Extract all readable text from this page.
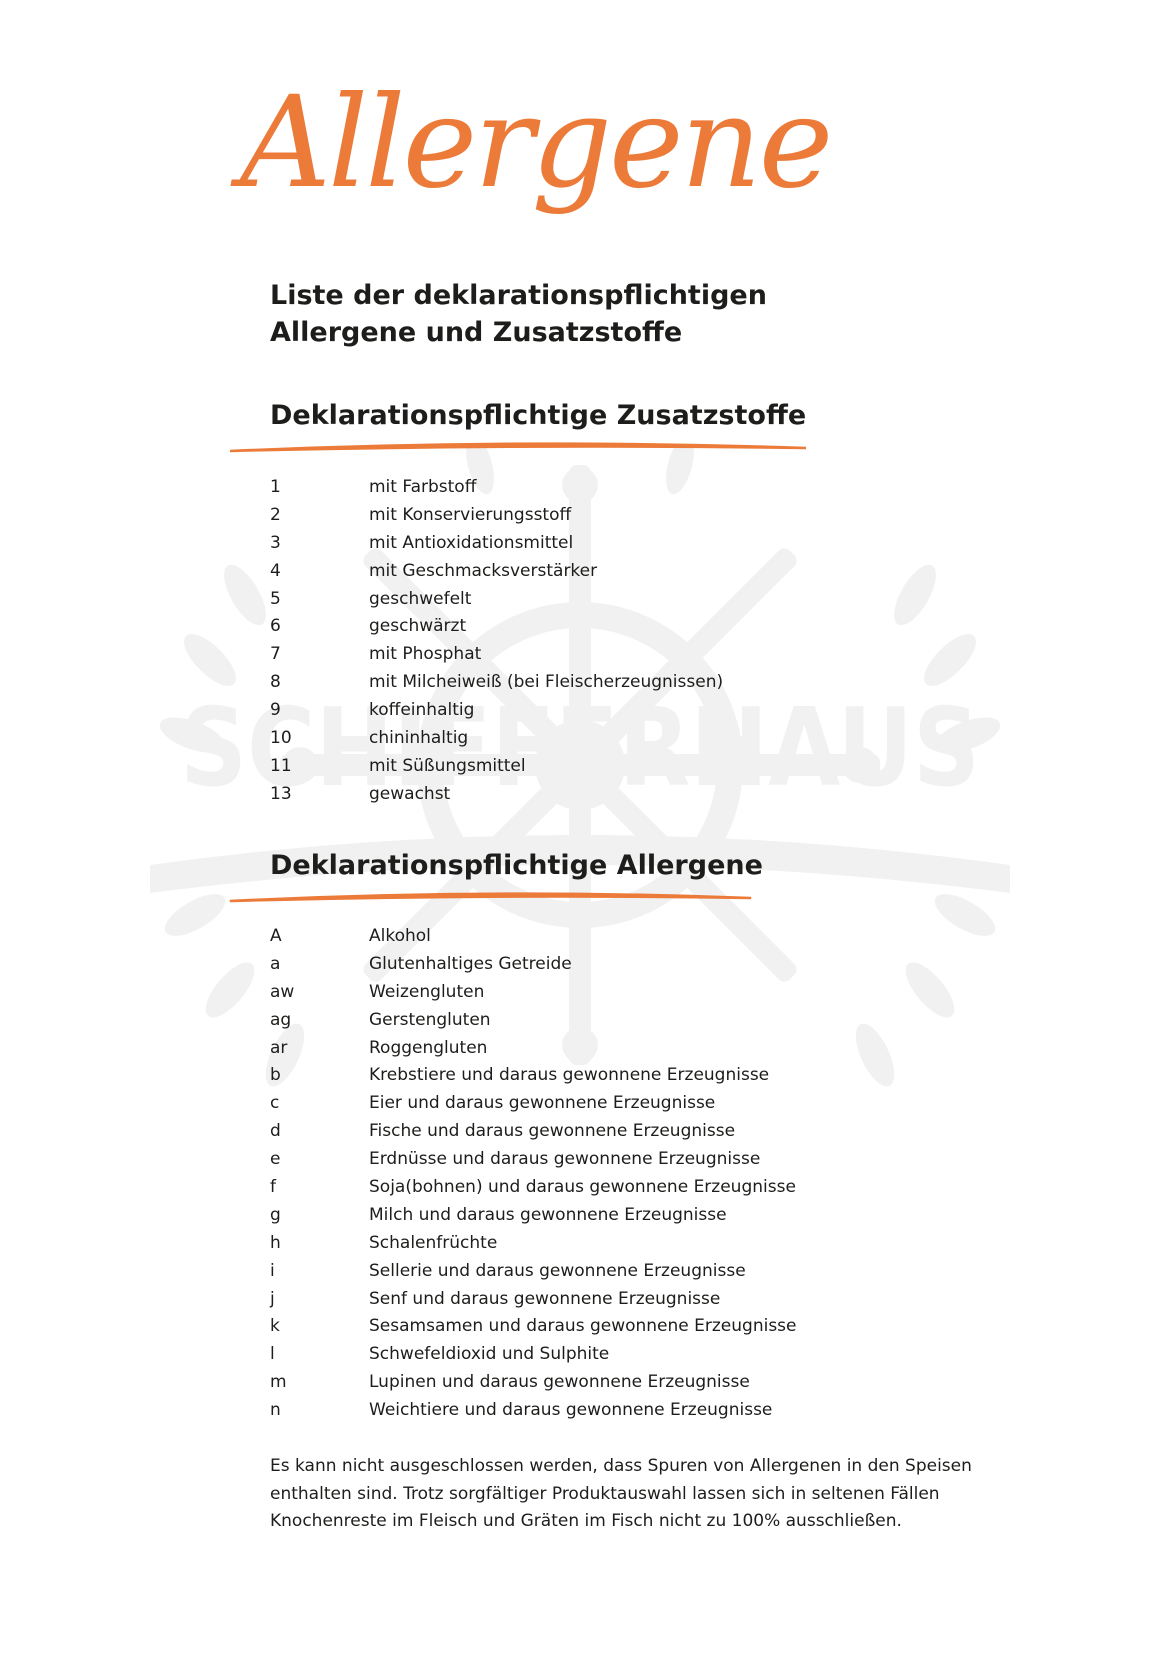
SCHIFFERHAUS
Allergene
Liste der deklarationspflichtigen
Allergene und Zusatzstoffe
Deklarationspflichtige Zusatzstoffe
1	mit Farbstoff
2	mit Konservierungsstoff
3	mit Antioxidationsmittel
4	mit Geschmacksverstärker
5	geschwefelt
6	geschwärzt
7	mit Phosphat
8	mit Milcheiweiß (bei Fleischerzeugnissen)
9	koffeinhaltig
10	chininhaltig
11	mit Süßungsmittel
13	gewachst
Deklarationspflichtige Allergene
A	Alkohol
a	Glutenhaltiges Getreide
aw	Weizengluten
ag	Gerstengluten
ar	Roggengluten
b	Krebstiere und daraus gewonnene Erzeugnisse
c	Eier und daraus gewonnene Erzeugnisse
d	Fische und daraus gewonnene Erzeugnisse
e	Erdnüsse und daraus gewonnene Erzeugnisse
f	Soja(bohnen) und daraus gewonnene Erzeugnisse
g	Milch und daraus gewonnene Erzeugnisse
h	Schalenfrüchte
i	Sellerie und daraus gewonnene Erzeugnisse
j	Senf und daraus gewonnene Erzeugnisse
k	Sesamsamen und daraus gewonnene Erzeugnisse
l	Schwefeldioxid und Sulphite
m	Lupinen und daraus gewonnene Erzeugnisse
n	Weichtiere und daraus gewonnene Erzeugnisse

Es kann nicht ausgeschlossen werden, dass Spuren von Allergenen in den Speisen
enthalten sind. Trotz sorgfältiger Produktauswahl lassen sich in seltenen Fällen
Knochenreste im Fleisch und Gräten im Fisch nicht zu 100% ausschließen.
